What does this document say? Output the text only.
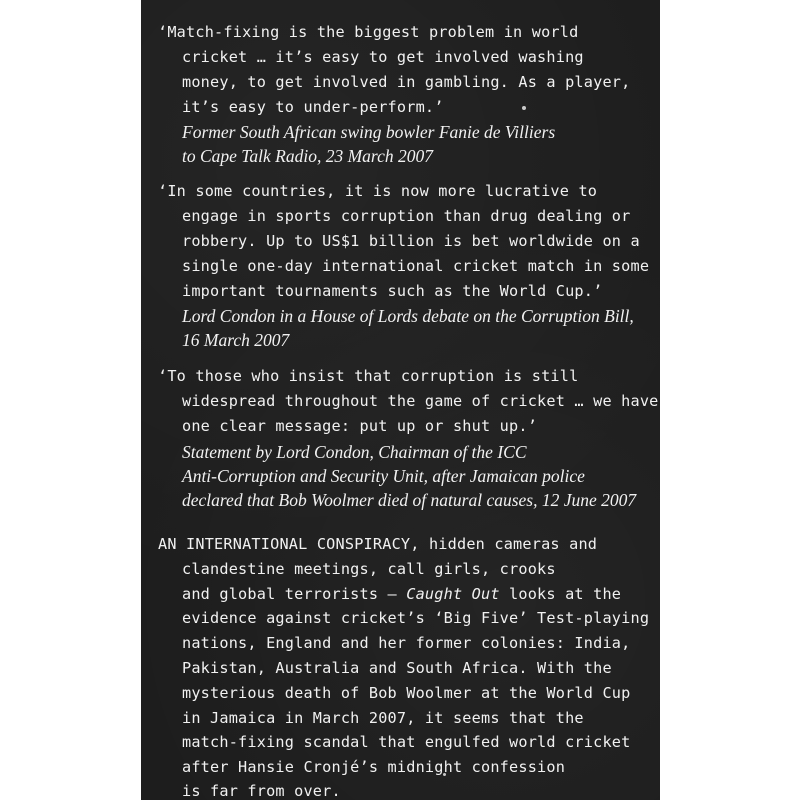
‘Match-fixing is the biggest problem in world
cricket … it’s easy to get involved washing
money, to get involved in gambling. As a player,
it’s easy to under-perform.’
Former South African swing bowler Fanie de Villiers
to Cape Talk Radio, 23 March 2007
‘In some countries, it is now more lucrative to
engage in sports corruption than drug dealing or
robbery. Up to US$1 billion is bet worldwide on a
single one-day international cricket match in some
important tournaments such as the World Cup.’
Lord Condon in a House of Lords debate on the Corruption Bill,
16 March 2007
‘To those who insist that corruption is still
widespread throughout the game of cricket … we have
one clear message: put up or shut up.’
Statement by Lord Condon, Chairman of the ICC
Anti-Corruption and Security Unit, after Jamaican police
declared that Bob Woolmer died of natural causes, 12 June 2007
AN INTERNATIONAL CONSPIRACY, hidden cameras and
clandestine meetings, call girls, crooks
and global terrorists — Caught Out looks at the
evidence against cricket’s ‘Big Five’ Test-playing
nations, England and her former colonies: India,
Pakistan, Australia and South Africa. With the
mysterious death of Bob Woolmer at the World Cup
in Jamaica in March 2007, it seems that the
match-fixing scandal that engulfed world cricket
after Hansie Cronjé’s midnight confession
is far from over.
